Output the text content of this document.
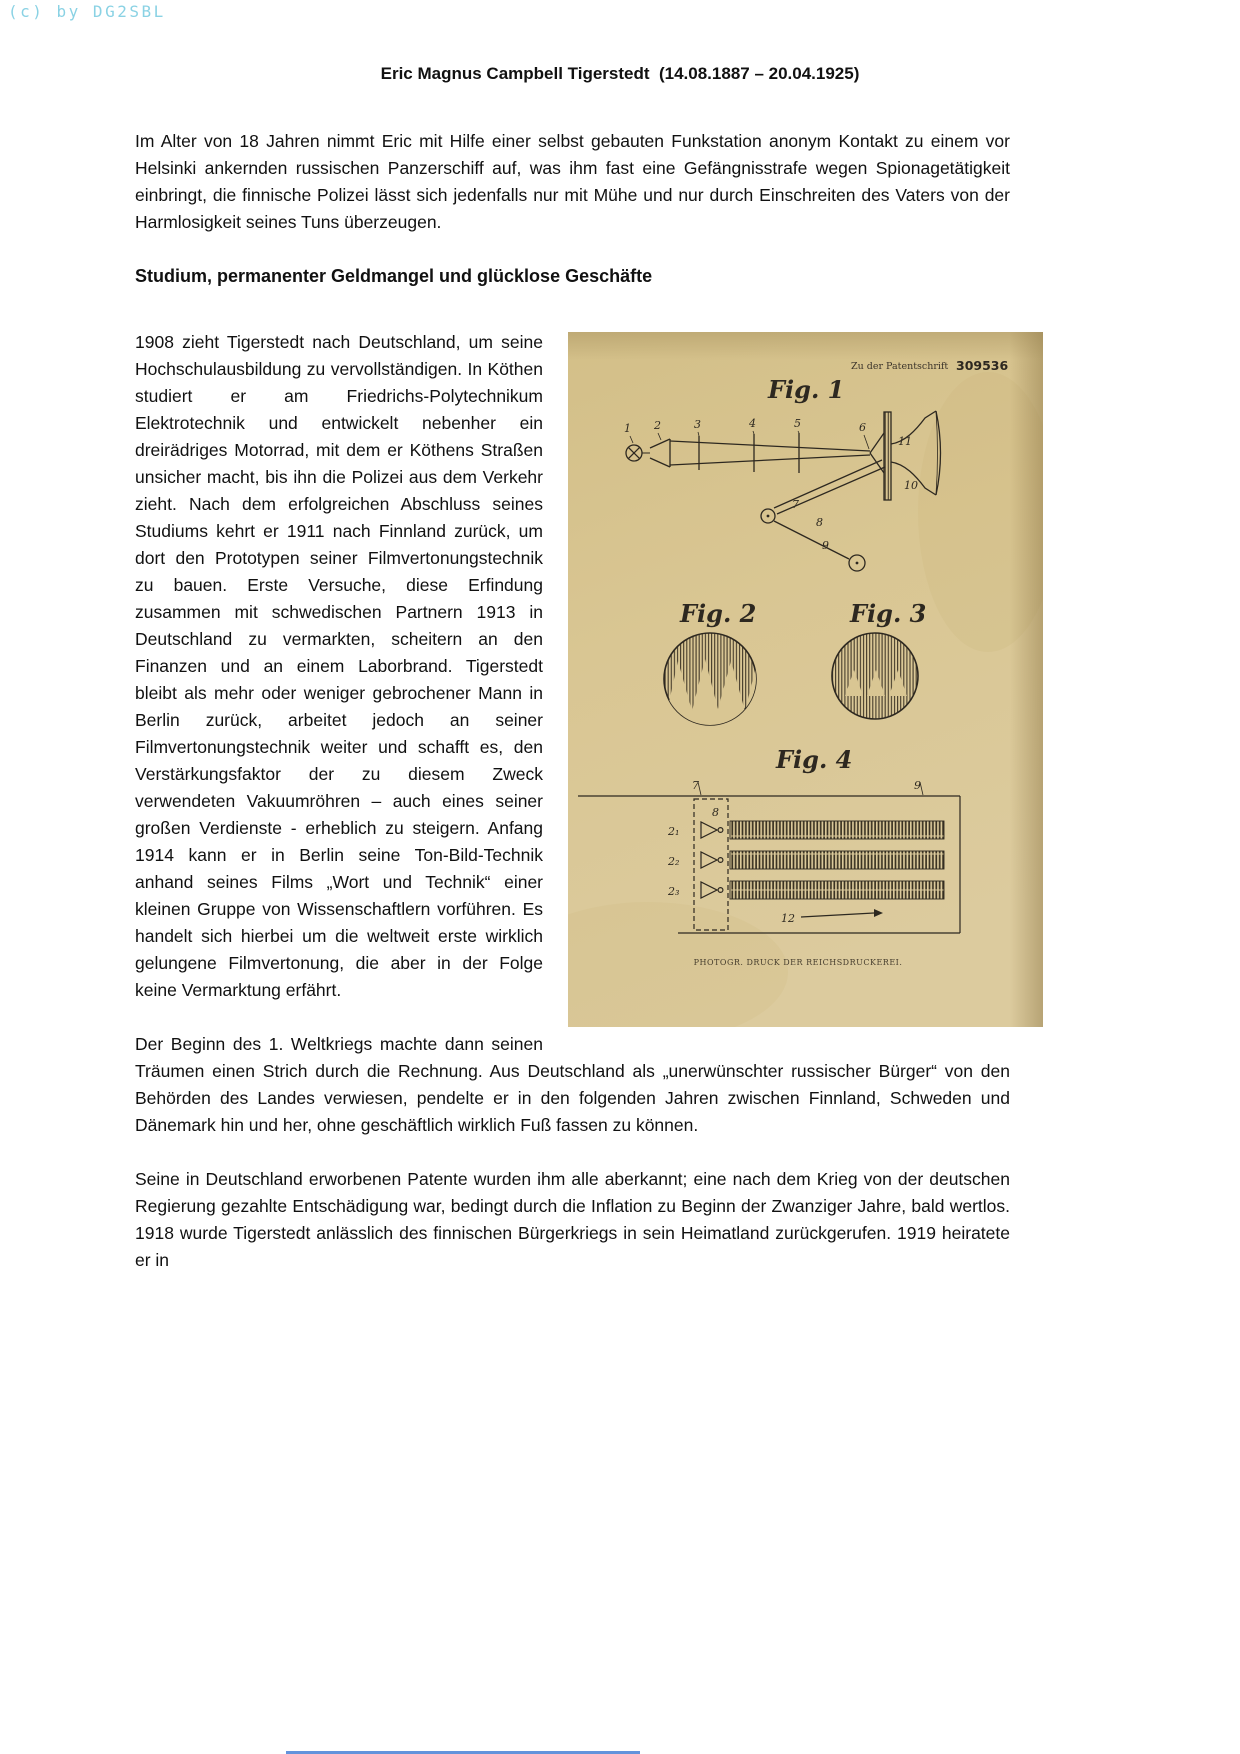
(c) by DG2SBL
Eric Magnus Campbell Tigerstedt  (14.08.1887 – 20.04.1925)

Im Alter von 18 Jahren nimmt Eric mit Hilfe einer selbst gebauten Funkstation anonym Kontakt zu einem vor Helsinki ankernden russischen Panzerschiff auf, was ihm fast eine Gefängnisstrafe wegen Spionagetätigkeit einbringt, die finnische Polizei lässt sich jedenfalls nur mit Mühe und nur durch Einschreiten des Vaters von der Harmlosigkeit seines Tuns überzeugen.

Studium, permanenter Geldmangel und glücklose Geschäfte
Zu der Patentschrift 309536
Fig. 1
1 2	3	4	5	6
7
8
9
10
11
Fig. 2	Fig. 3
Fig. 4
7
8
9
12
2₁
2₂
2₃
PHOTOGR. DRUCK DER REICHSDRUCKEREI.

1908 zieht Tigerstedt nach Deutschland, um seine Hochschulausbildung zu vervollständigen. In Köthen studiert er am Friedrichs-Polytechnikum Elektrotechnik und entwickelt nebenher ein dreirädriges Motorrad, mit dem er Köthens Straßen unsicher macht, bis ihn die Polizei aus dem Verkehr zieht. Nach dem erfolgreichen Abschluss seines Studiums kehrt er 1911 nach Finnland zurück, um dort den Prototypen seiner Filmvertonungstechnik zu bauen. Erste Versuche, diese Erfindung zusammen mit schwedischen Partnern 1913 in Deutschland zu vermarkten, scheitern an den Finanzen und an einem Laborbrand. Tigerstedt bleibt als mehr oder weniger gebrochener Mann in Berlin zurück, arbeitet jedoch an seiner Filmvertonungstechnik weiter und schafft es, den Verstärkungsfaktor der zu diesem Zweck verwendeten Vakuumröhren – auch eines seiner großen Verdienste - erheblich zu steigern. Anfang 1914 kann er in Berlin seine Ton-Bild-Technik anhand seines Films „Wort und Technik“ einer kleinen Gruppe von Wissenschaftlern vorführen. Es handelt sich hierbei um die weltweit erste wirklich gelungene Filmvertonung, die aber in der Folge keine Vermarktung erfährt.

Der Beginn des 1. Weltkriegs machte dann seinen Träumen einen Strich durch die Rechnung. Aus Deutschland als „unerwünschter russischer Bürger“ von den Behörden des Landes verwiesen, pendelte er in den folgenden Jahren zwischen Finnland, Schweden und Dänemark hin und her, ohne geschäftlich wirklich Fuß fassen zu können.

Seine in Deutschland erworbenen Patente wurden ihm alle aberkannt; eine nach dem Krieg von der deutschen Regierung gezahlte Entschädigung war, bedingt durch die Inflation zu Beginn der Zwanziger Jahre, bald wertlos. 1918 wurde Tigerstedt anlässlich des finnischen Bürgerkriegs in sein Heimatland zurückgerufen. 1919 heiratete er in
